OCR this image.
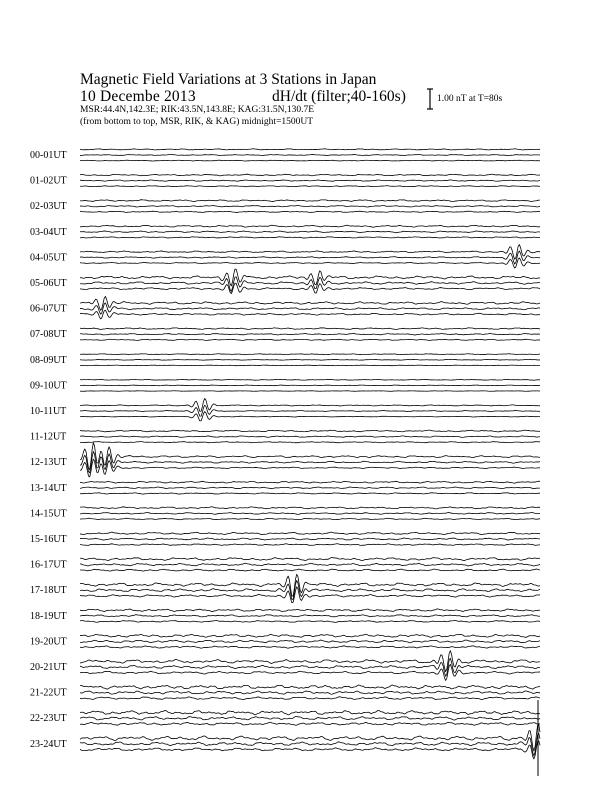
Magnetic Field Variations at 3 Stations in Japan
10 Decembe 2013	dH/dt (filter;40-160s)
MSR:44.4N,142.3E; RIK:43.5N,143.8E; KAG:31.5N,130.7E
(from bottom to top, MSR, RIK, & KAG) midnight=1500UT
1.00 nT at T=80s
00-01UT
01-02UT
02-03UT
03-04UT
04-05UT
05-06UT
06-07UT
07-08UT
08-09UT
09-10UT
10-11UT
11-12UT
12-13UT
13-14UT
14-15UT
15-16UT
16-17UT
17-18UT
18-19UT
19-20UT
20-21UT
21-22UT
22-23UT
23-24UT
